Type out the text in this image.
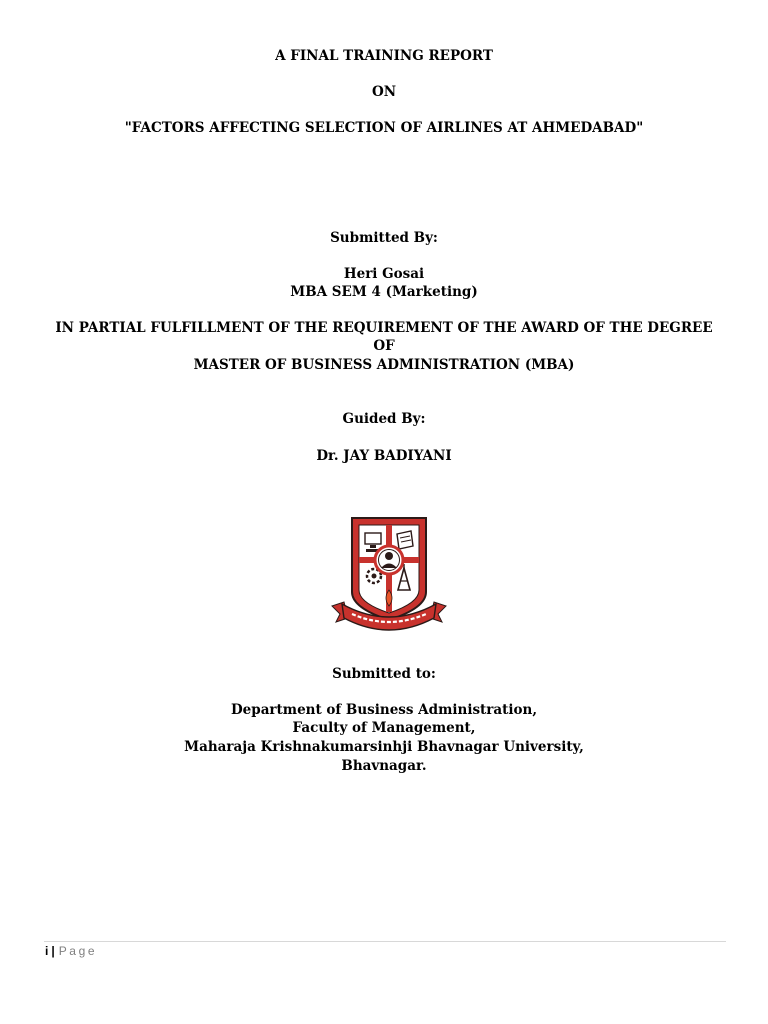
A FINAL TRAINING REPORT
ON
"FACTORS AFFECTING SELECTION OF AIRLINES AT AHMEDABAD"
Submitted By:
Heri Gosai
MBA SEM 4 (Marketing)
IN PARTIAL FULFILLMENT OF THE REQUIREMENT OF THE AWARD OF THE DEGREE
OF
MASTER OF BUSINESS ADMINISTRATION (MBA)
Guided By:
Dr. JAY BADIYANI
Submitted to:
Department of Business Administration,
Faculty of Management,
Maharaja Krishnakumarsinhji Bhavnagar University,
Bhavnagar.
i | Page
